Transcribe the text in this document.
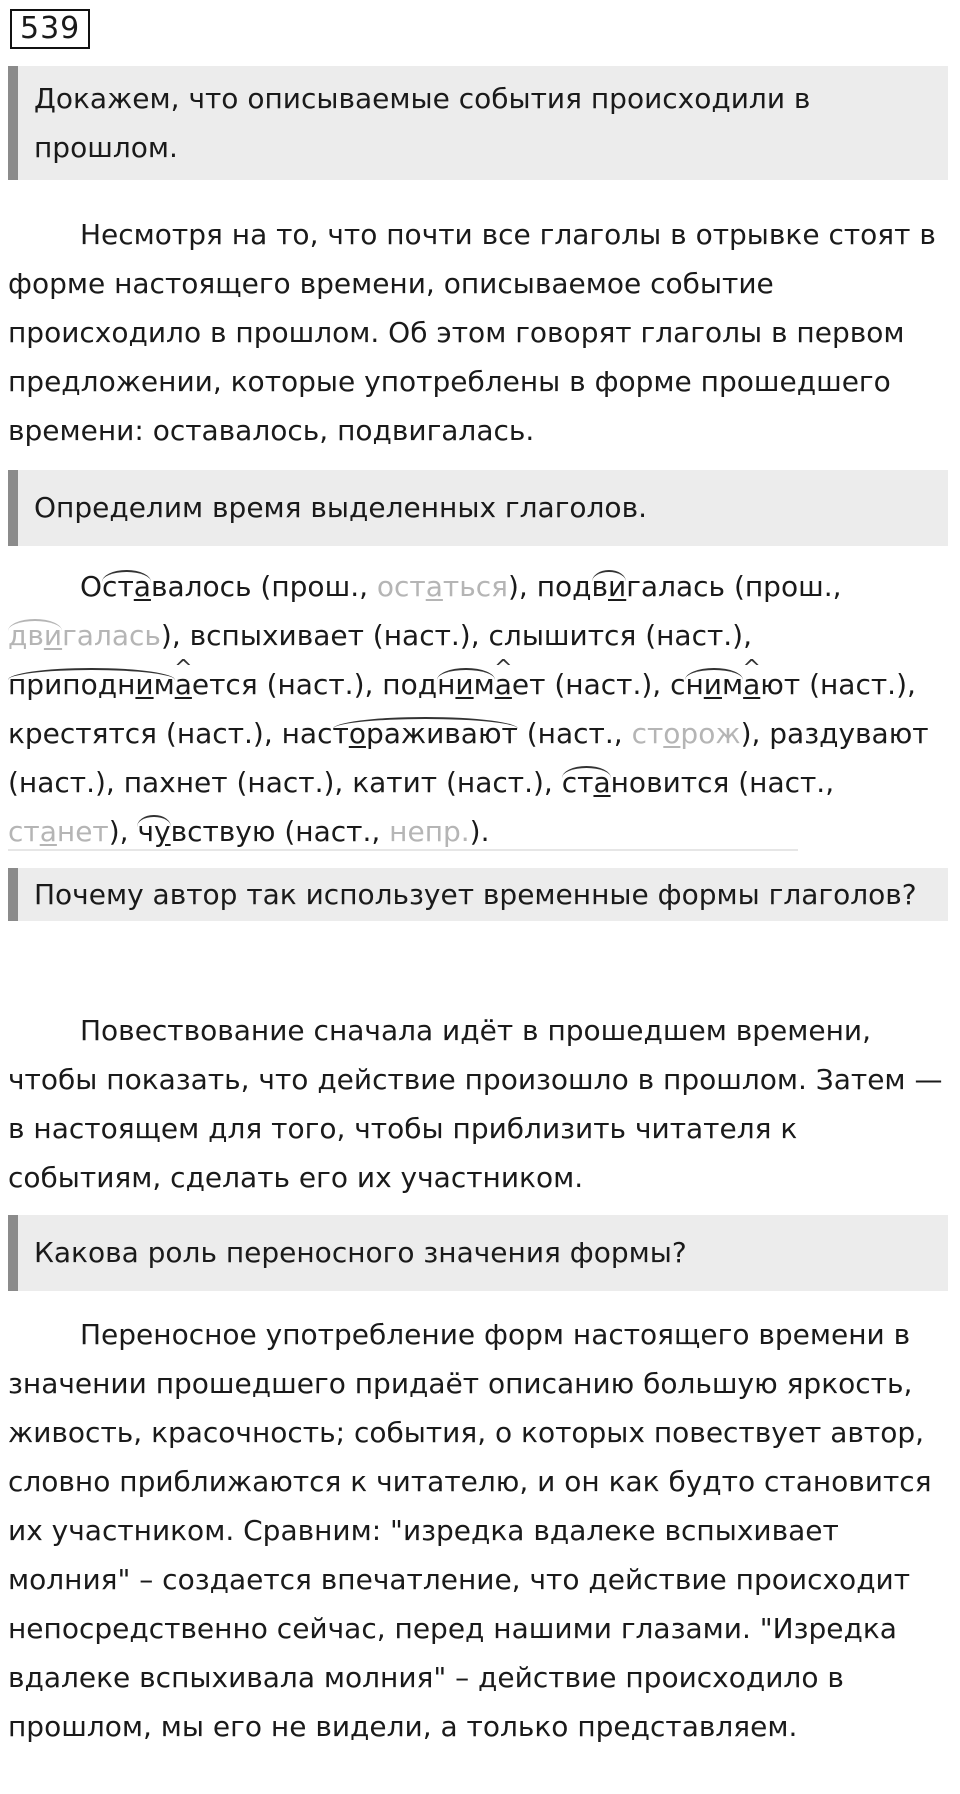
539
Докажем, что описываемые события происходили в прошлом.
Несмотря на то, что почти все глаголы в отрывке стоят в форме настоящего времени, описываемое событие происходило в прошлом. Об этом говорят глаголы в первом предложении, которые употреблены в форме прошедшего времени: оставалось, подвигалась.
Определим время выделенных глаголов.
Оставалось (прош., остаться), подвигалась (прош.,
двигалась), вспыхивает (наст.), слышится (наст.),
приподним^ ается (наст.), подним^ ает (наст.), сним^ ают (наст.),
крестятся (наст.), настораживают (наст., сторож), раздувают
(наст.), пахнет (наст.), катит (наст.), становится (наст.,
станет), чувствую (наст., непр.).
Почему автор так использует временные формы глаголов?
Повествование сначала идёт в прошедшем времени, чтобы показать, что действие произошло в прошлом. Затем — в настоящем для того, чтобы приблизить читателя к событиям, сделать его их участником.
Какова роль переносного значения формы?
Переносное употребление форм настоящего времени в значении прошедшего придаёт описанию большую яркость, живость, красочность; события, о которых повествует автор, словно приближаются к читателю, и он как будто становится их участником. Сравним: "изредка вдалеке вспыхивает молния" – создается впечатление, что действие происходит непосредственно сейчас, перед нашими глазами. "Изредка вдалеке вспыхивала молния" – действие происходило в прошлом, мы его не видели, а только представляем.
